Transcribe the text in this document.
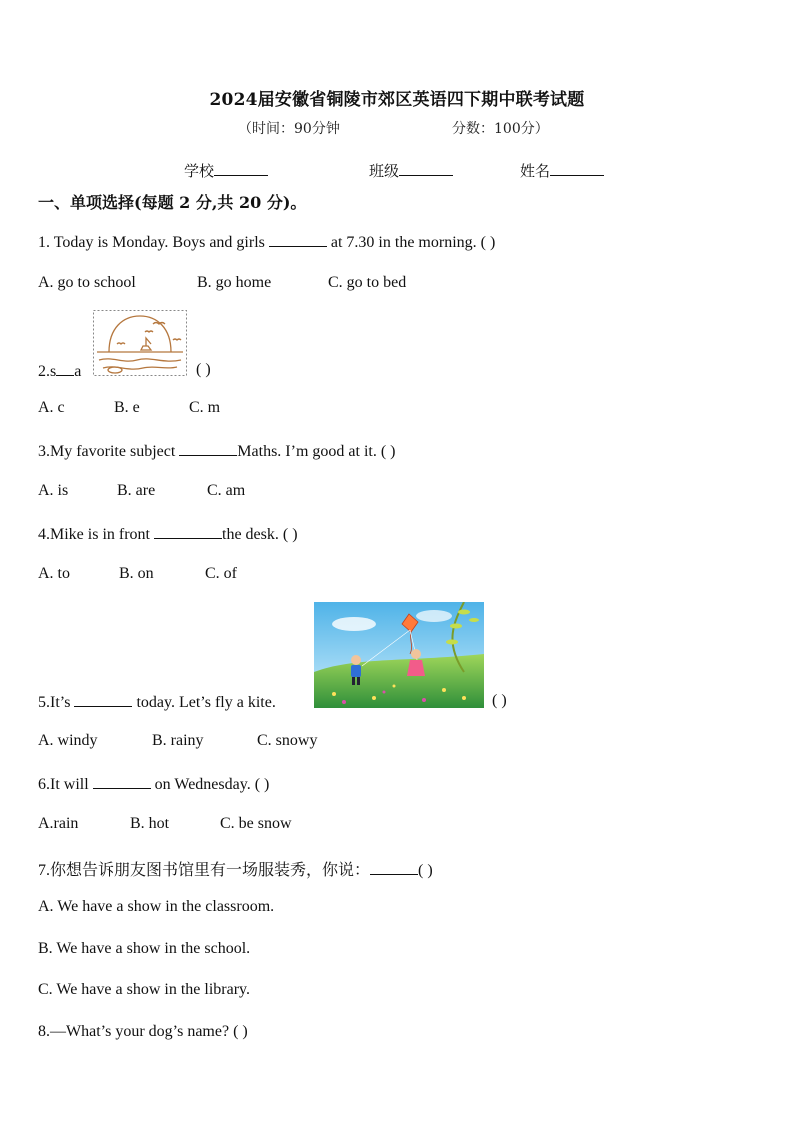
2024届安徽省铜陵市郊区英语四下期中联考试题
（时间：90分钟	分数：100分）
学校	班级	姓名
一、单项选择(每题 2 分,共 20 分)。
1. Today is Monday. Boys and girls	at 7.30 in the morning. ( )
A. go to school	B. go home	C. go to bed
2.s a	( )
A. c	B. e	C. m
3.My favorite subject	Maths. I’m good at it. ( )
A. is	B. are	C. am
4.Mike is in front	the desk. ( )
A. to	B. on	C. of
5.It’s	today. Let’s fly a kite.	( )
A. windy	B. rainy	C. snowy
6.It will	on Wednesday. ( )
A.rain	B. hot	C. be snow
7.你想告诉朋友图书馆里有一场服装秀，你说：	( )
A. We have a show in the classroom.
B. We have a show in the school.
C. We have a show in the library.
8.—What’s your dog’s name? ( )
